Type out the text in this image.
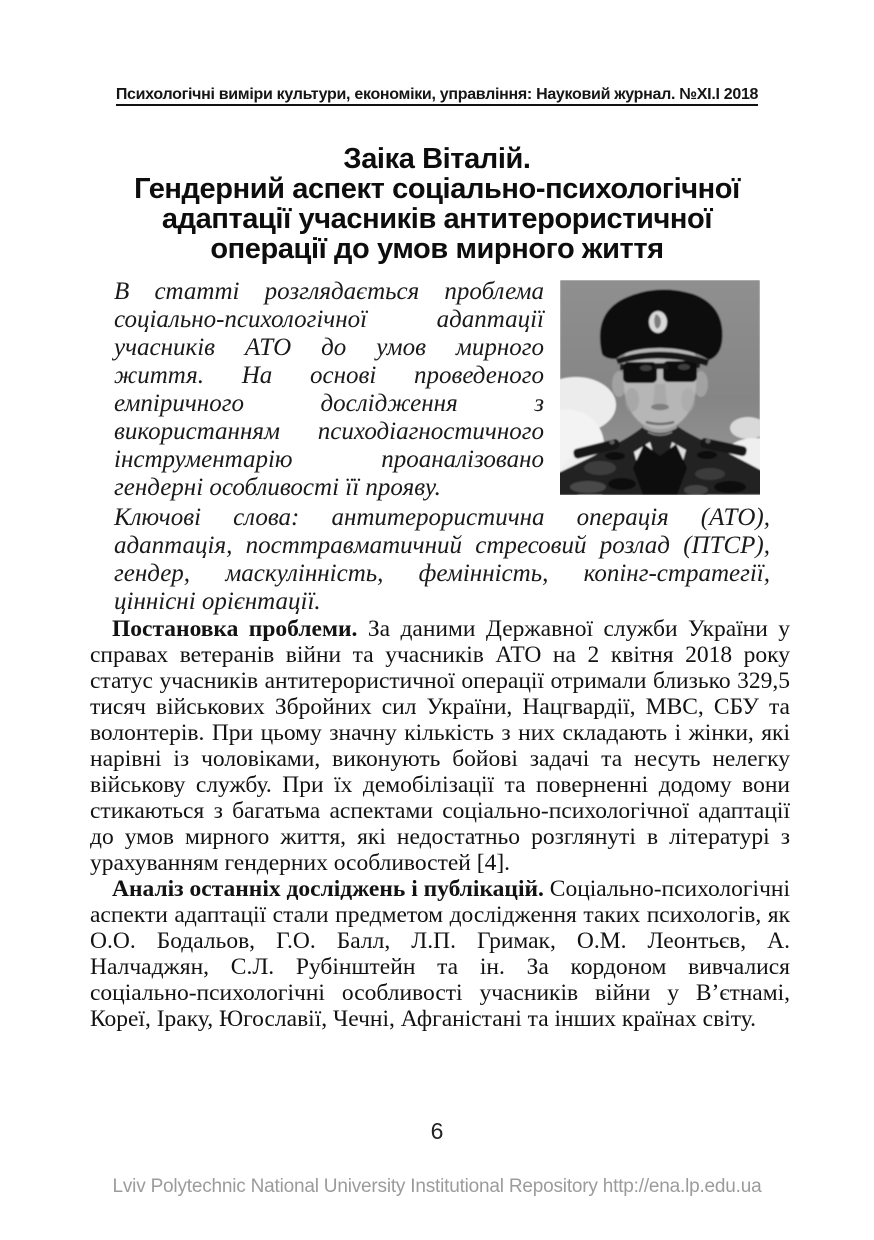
Психологічні виміри культури, економіки, управління: Науковий журнал. №ХІ.І 2018
Заіка Віталій.
Гендерний аспект соціально-психологічної
адаптації учасників антитерористичної
операції до умов мирного життя

В статті розглядається проблема соціально-психологічної адаптації учасників АТО до умов мирного життя. На основі проведеного емпіричного дослідження з використанням психодіагностичного інструментарію проаналізовано гендерні особливості її прояву.

Ключові слова: антитерористична операція (АТО), адаптація, посттравматичний стресовий розлад (ПТСР), гендер, маскулінність, фемінність, копінг-стратегії, ціннісні орієнтації.

Постановка проблеми. За даними Державної служби України у справах ветеранів війни та учасників АТО на 2 квітня 2018 року статус учасників антитерористичної операції отримали близько 329,5 тисяч військових Збройних сил України, Нацгвардії, МВС, СБУ та волонтерів. При цьому значну кількість з них складають і жінки, які нарівні із чоловіками, виконують бойові задачі та несуть нелегку військову службу. При їх демобілізації та поверненні додому вони стикаються з багатьма аспектами соціально-психологічної адаптації до умов мирного життя, які недостатньо розглянуті в літературі з урахуванням гендерних особливостей [4].

Аналіз останніх досліджень і публікацій. Соціально-психологічні аспекти адаптації стали предметом дослідження таких психологів, як О.О. Бодальов, Г.О. Балл, Л.П. Гримак, О.М. Леонтьєв, А. Налчаджян, С.Л. Рубінштейн та ін. За кордоном вивчалися соціально-психологічні особливості учасників війни у В’єтнамі, Кореї, Іраку, Югославії, Чечні, Афганістані та інших країнах світу.

6
Lviv Polytechnic National University Institutional Repository http://ena.lp.edu.ua
